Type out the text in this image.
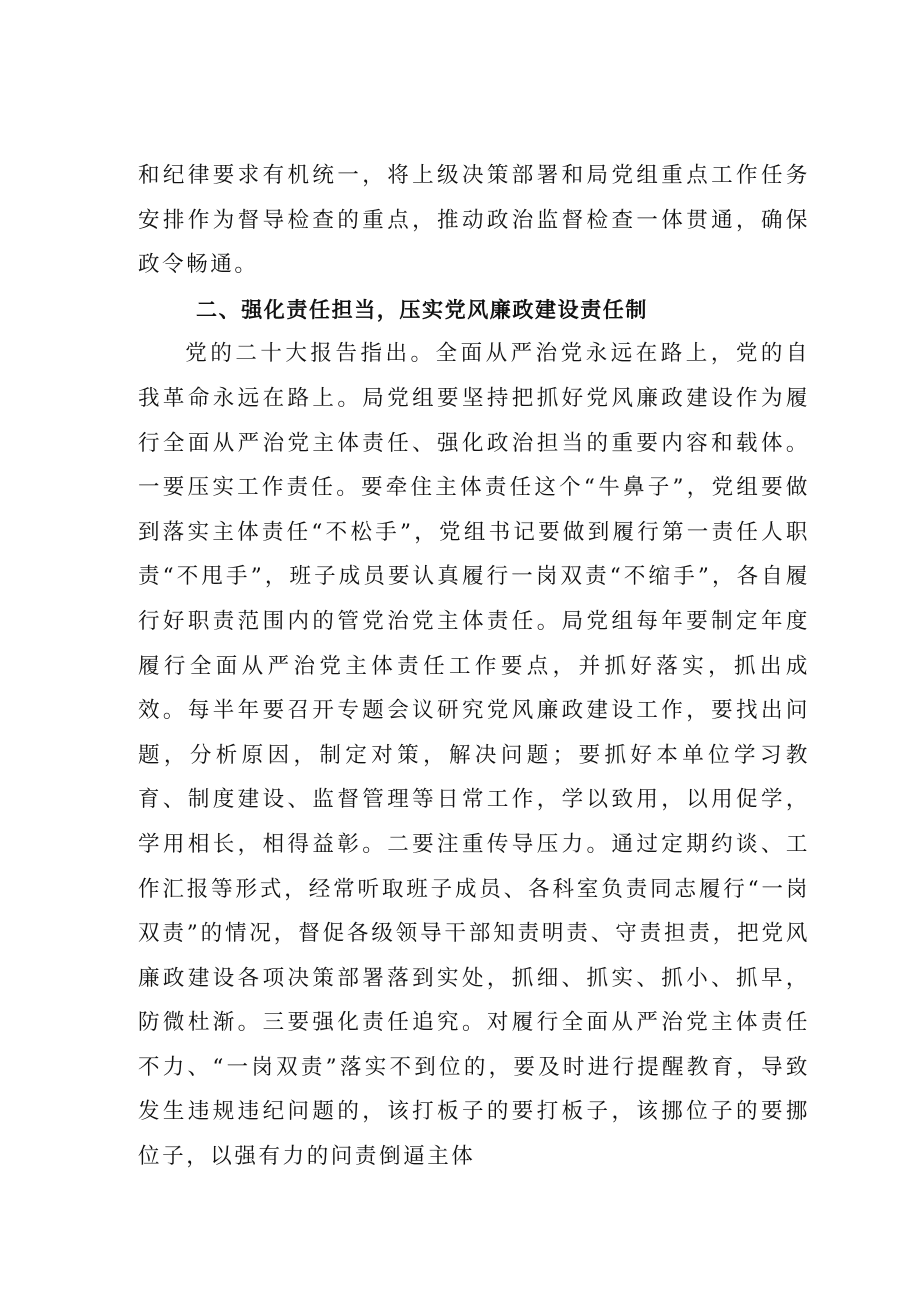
和纪律要求有机统一，将上级决策部署和局党组重点工作任务安排作为督导检查的重点，推动政治监督检查一体贯通，确保政令畅通。

二、强化责任担当，压实党风廉政建设责任制

党的二十大报告指出。全面从严治党永远在路上，党的自我革命永远在路上。局党组要坚持把抓好党风廉政建设作为履行全面从严治党主体责任、强化政治担当的重要内容和载体。一要压实工作责任。要牵住主体责任这个“牛鼻子”，党组要做到落实主体责任“不松手”，党组书记要做到履行第一责任人职责“不甩手”，班子成员要认真履行一岗双责“不缩手”，各自履行好职责范围内的管党治党主体责任。局党组每年要制定年度履行全面从严治党主体责任工作要点，并抓好落实，抓出成效。每半年要召开专题会议研究党风廉政建设工作，要找出问题，分析原因，制定对策，解决问题；要抓好本单位学习教育、制度建设、监督管理等日常工作，学以致用，以用促学，学用相长，相得益彰。二要注重传导压力。通过定期约谈、工作汇报等形式，经常听取班子成员、各科室负责同志履行“一岗双责”的情况，督促各级领导干部知责明责、守责担责，把党风廉政建设各项决策部署落到实处，抓细、抓实、抓小、抓早，防微杜渐。三要强化责任追究。对履行全面从严治党主体责任不力、“一岗双责”落实不到位的，要及时进行提醒教育，导致发生违规违纪问题的，该打板子的要打板子，该挪位子的要挪位子，以强有力的问责倒逼主体
